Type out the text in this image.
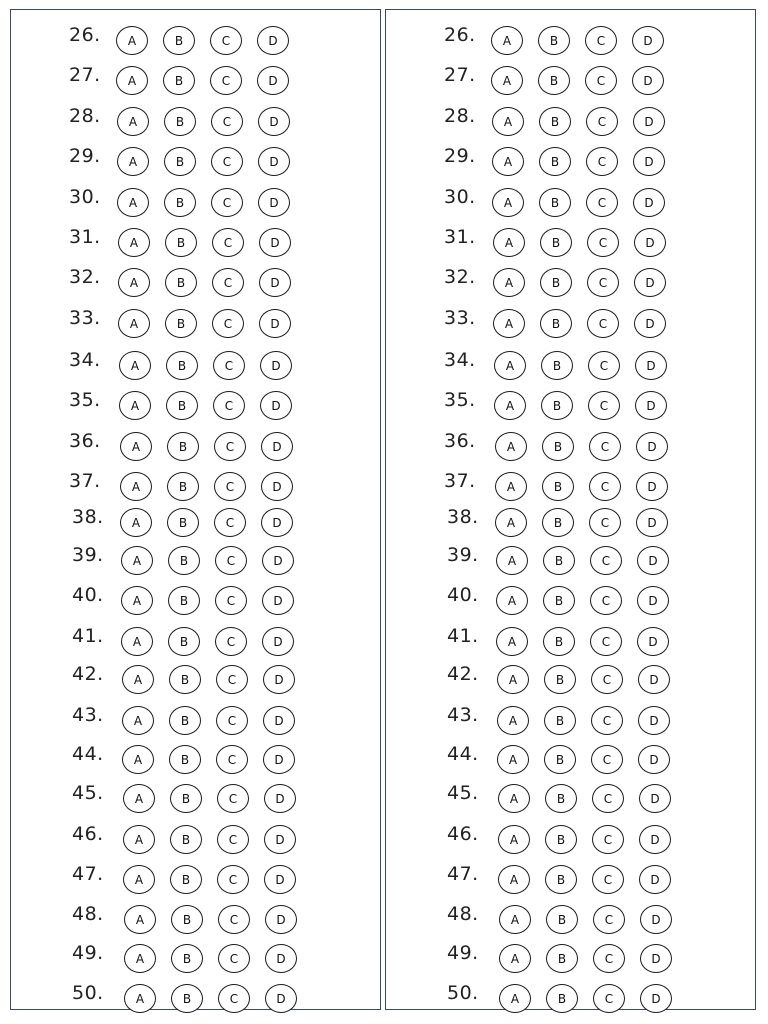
26.	A	B	C	D
27.	A	B	C	D
28.	A	B	C	D
29.	A	B	C	D
30.	A	B	C	D
31.	A	B	C	D
32.	A	B	C	D
33.	A	B	C	D
34.	A	B	C	D
35.	A	B	C	D
36.	A	B	C	D
37.	A	B	C	D
38.	A	B	C	D
39.	A	B	C	D
40.	A	B	C	D
41.	A	B	C	D
42.	A	B	C	D
43.	A	B	C	D
44.	A	B	C	D
45.	A	B	C	D
46.	A	B	C	D
47.	A	B	C	D
48.	A	B	C	D
49.	A	B	C	D
50.	A	B	C	D
26.	A	B	C	D
27.	A	B	C	D
28.	A	B	C	D
29.	A	B	C	D
30.	A	B	C	D
31.	A	B	C	D
32.	A	B	C	D
33.	A	B	C	D
34.	A	B	C	D
35.	A	B	C	D
36.	A	B	C	D
37.	A	B	C	D
38.	A	B	C	D
39.	A	B	C	D
40.	A	B	C	D
41.	A	B	C	D
42.	A	B	C	D
43.	A	B	C	D
44.	A	B	C	D
45.	A	B	C	D
46.	A	B	C	D
47.	A	B	C	D
48.	A	B	C	D
49.	A	B	C	D
50.	A	B	C	D
